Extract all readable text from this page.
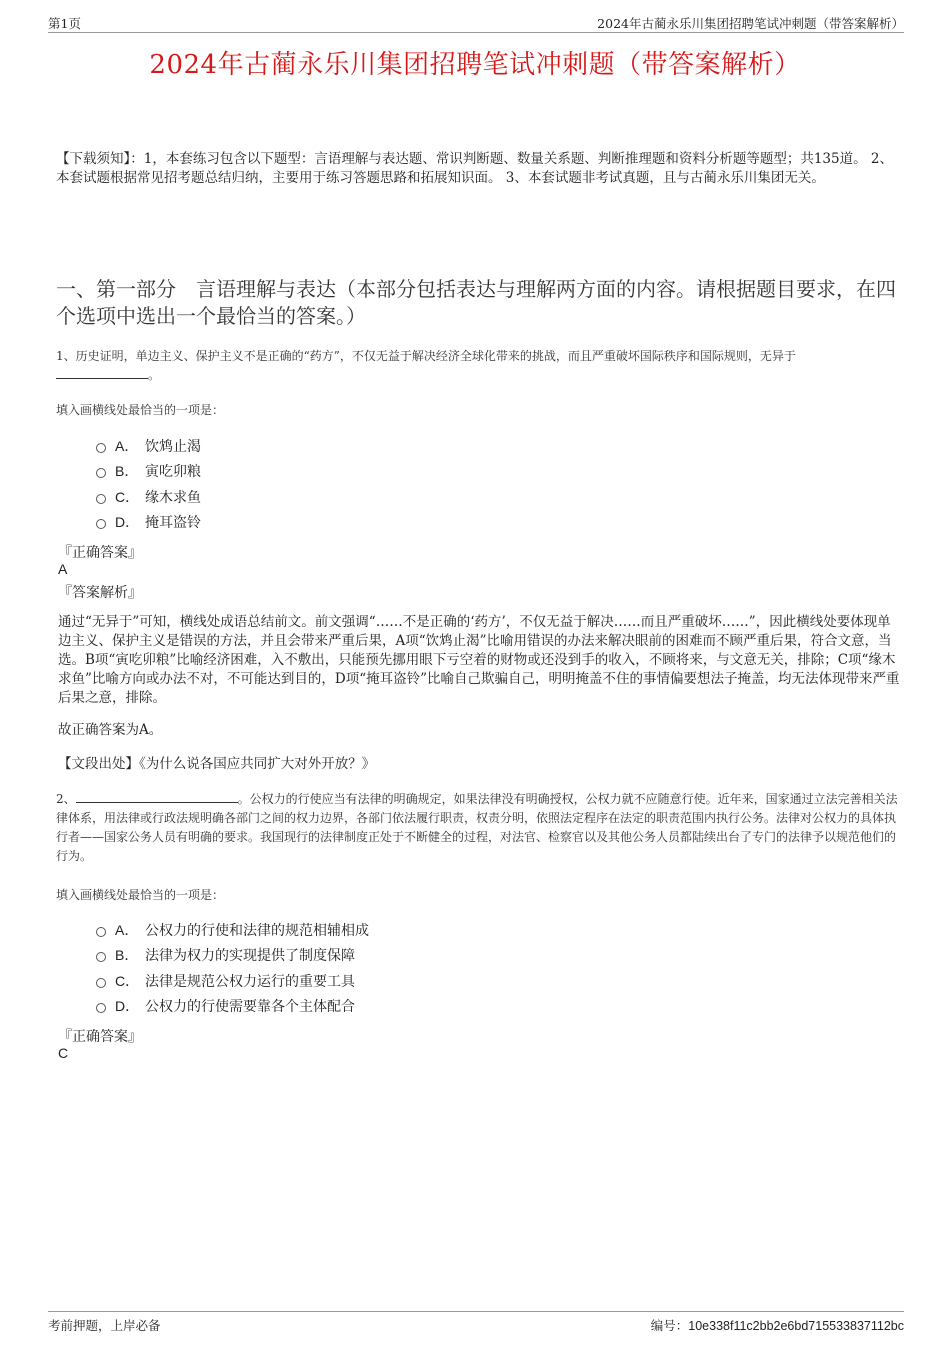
第1页	2024年古蔺永乐川集团招聘笔试冲刺题（带答案解析）
2024年古蔺永乐川集团招聘笔试冲刺题（带答案解析）
【下载须知】：1，本套练习包含以下题型：言语理解与表达题、常识判断题、数量关系题、判断推理题和资料分析题等题型；共135道。 2、本套试题根据常见招考题总结归纳，主要用于练习答题思路和拓展知识面。 3、本套试题非考试真题，且与古蔺永乐川集团无关。
一、第一部分　言语理解与表达（本部分包括表达与理解两方面的内容。请根据题目要求，在四个选项中选出一个最恰当的答案。）
1、历史证明，单边主义、保护主义不是正确的“药方”，不仅无益于解决经济全球化带来的挑战，而且严重破坏国际秩序和国际规则，无异于
。
填入画横线处最恰当的一项是：
A． 饮鸩止渴
B． 寅吃卯粮
C． 缘木求鱼
D． 掩耳盗铃
『正确答案』
A
『答案解析』
通过“无异于”可知，横线处成语总结前文。前文强调“……不是正确的‘药方’，不仅无益于解决……而且严重破坏……”，因此横线处要体现单边主义、保护主义是错误的方法，并且会带来严重后果，A项“饮鸩止渴”比喻用错误的办法来解决眼前的困难而不顾严重后果，符合文意，当选。B项“寅吃卯粮”比喻经济困难，入不敷出，只能预先挪用眼下亏空着的财物或还没到手的收入，不顾将来，与文意无关，排除；C项“缘木求鱼”比喻方向或办法不对，不可能达到目的，D项“掩耳盗铃”比喻自己欺骗自己，明明掩盖不住的事情偏要想法子掩盖，均无法体现带来严重后果之意，排除。
故正确答案为A。
【文段出处】《为什么说各国应共同扩大对外开放？》
2、	。公权力的行使应当有法律的明确规定，如果法律没有明确授权，公权力就不应随意行使。近年来，国家通过立法完善相关法律体系，用法律或行政法规明确各部门之间的权力边界，各部门依法履行职责，权责分明，依照法定程序在法定的职责范围内执行公务。法律对公权力的具体执行者——国家公务人员有明确的要求。我国现行的法律制度正处于不断健全的过程，对法官、检察官以及其他公务人员都陆续出台了专门的法律予以规范他们的行为。
填入画横线处最恰当的一项是：
A． 公权力的行使和法律的规范相辅相成
B． 法律为权力的实现提供了制度保障
C． 法律是规范公权力运行的重要工具
D． 公权力的行使需要靠各个主体配合
『正确答案』
C
考前押题，上岸必备	编号：10e338f11c2bb2e6bd715533837112bc
